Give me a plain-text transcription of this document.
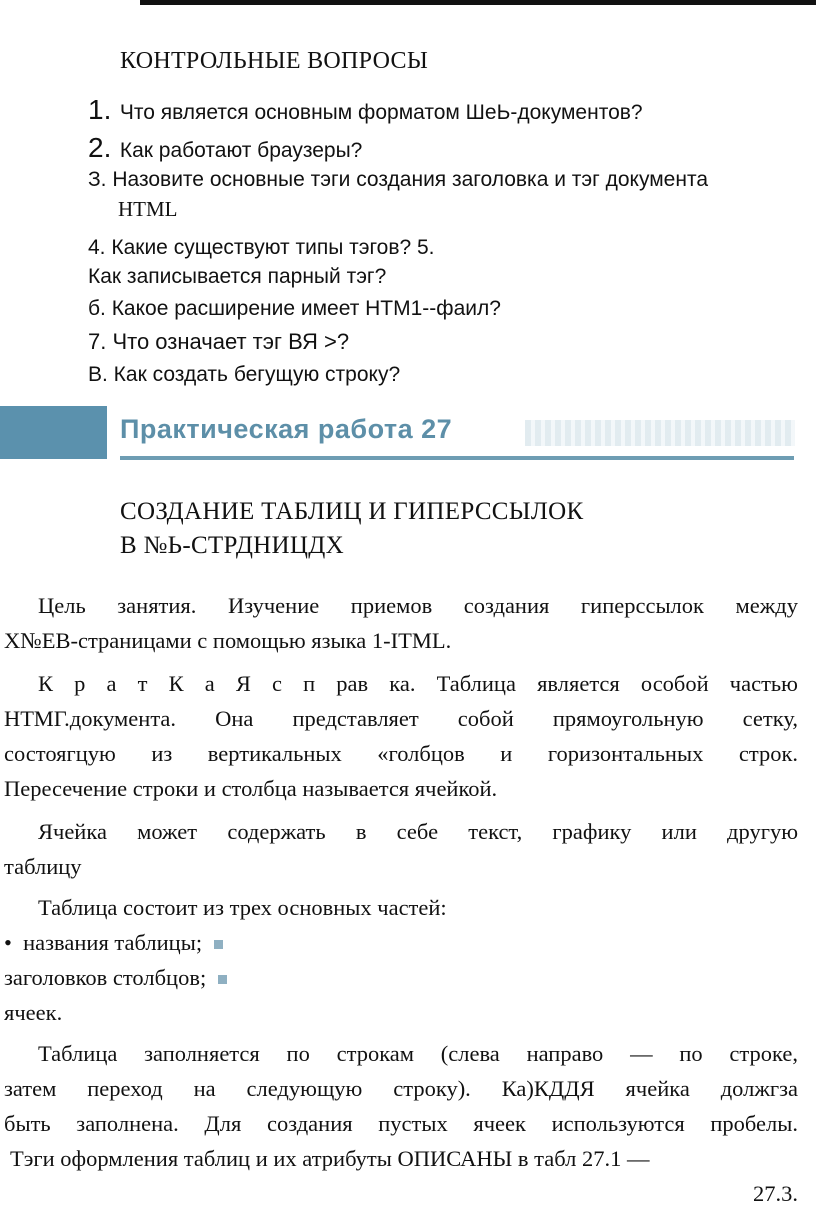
КОНТРОЛЬНЫЕ ВОПРОСЫ
1. Что является основным форматом ШеЬ-документов?
2. Как работают браузеры?
З. Назовите основные тэги создания заголовка и тэг документа
HTML
4. Какие существуют типы тэгов? 5.
Как записывается парный тэг?
б. Какое расширение имеет НТМ1--фаил?
7. Что означает тэг ВЯ >?
В. Как создать бегущую строку?
Практическая работа 27
СОЗДАНИЕ ТАБЛИЦ И ГИПЕРССЫЛОК
В №Ь-СТРДНИЦДХ

Цель занятия. Изучение приемов создания гиперссылок между

Х№ЕВ-страницами с помощью языка 1-ITML.

К р а т К а Я с п рав ка. Таблица является особой частью

НТМГ.документа. Она представляет собой прямоугольную сетку,

состоягцую из вертикальных «голбцов и горизонтальных строк.

Пересечение строки и столбца называется ячейкой.

Ячейка может содержать в себе текст, графику или другую

таблицу

Таблица состоит из трех основных частей:

• названия таблицы;

заголовков столбцов;

ячеек.

Таблица заполняется по строкам (слева направо — по строке,

затем переход на следующую строку). Ка)КДДЯ ячейка должгза

быть заполнена. Для создания пустых ячеек используются пробелы.

Тэги оформления таблиц и их атрибуты ОПИСАНЫ в табл 27.1 —

27.3.
